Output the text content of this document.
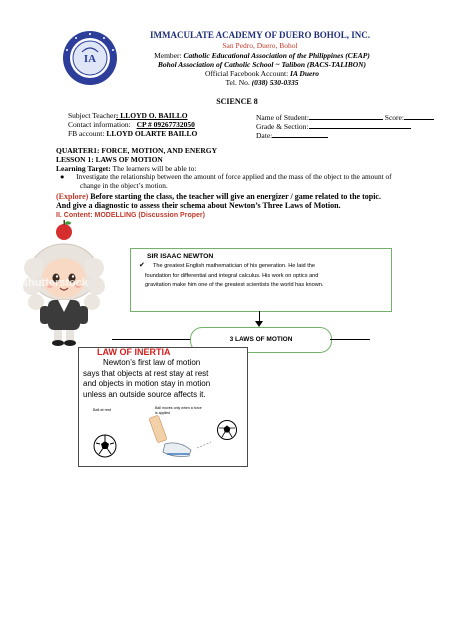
IA
IMMACULATE ACADEMY OF DUERO BOHOL, INC.
San Pedro, Duero, Bohol
Member: Catholic Educational Association of the Philippines (CEAP)
Bohol Association of Catholic School ~ Talibon (BACS-TALIBON)
Official Facebook Account: IA Duero
Tel. No. (038) 530-0335
SCIENCE 8
Subject Teacher: LLOYD O. BAILLO
Contact information: CP # 09267732050
FB account: LLOYD OLARTE BAILLO
Name of Student:	Score:
Grade & Section:
Date:
QUARTER1: FORCE, MOTION, AND ENERGY
LESSON 1: LAWS OF MOTION
Learning Target: The learners will be able to:
● Investigate the relationship between the amount of force applied and the mass of the object to the amount of
change in the object’s motion.
(Explore) Before starting the class, the teacher will give an energizer / game related to the topic.
And give a diagnostic to assess their schema about Newton’s Three Laws of Motion.
II. Content: MODELLING (Discussion Proper)
shutterstock
SIR ISAAC NEWTON
✔ The greatest English mathematician of his generation. He laid the
foundation for differential and integral calculus. His work on optics and
gravitation make him one of the greatest scientists the world has known.
3 LAWS OF MOTION
LAW OF INERTIA
Newton’s first law of motion
says that objects at rest stay at rest
and objects in motion stay in motion
unless an outside source affects it.
Ball at rest	Ball moves only when a force
is applied
